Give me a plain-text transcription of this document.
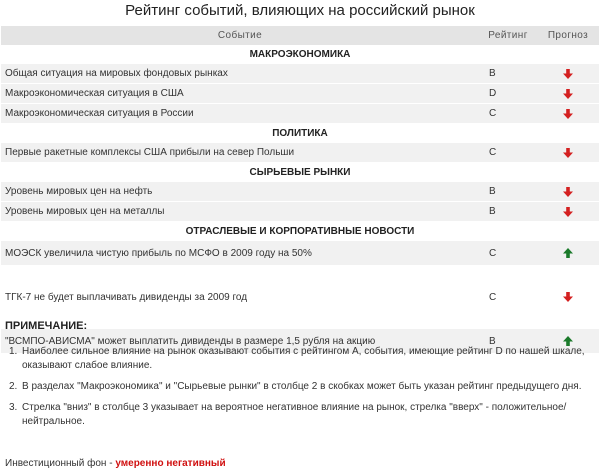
Рейтинг событий, влияющих на российский рынок
Событие	Рейтинг	Прогноз
МАКРОЭКОНОМИКА		
Общая ситуация на мировых фондовых рынках	B	
Макроэкономическая ситуация в США	D	
Макроэкономическая ситуация в России	C	
ПОЛИТИКА		
Первые ракетные комплексы США прибыли на север Польши	C	
СЫРЬЕВЫЕ РЫНКИ		
Уровень мировых цен на нефть	B	
Уровень мировых цен на металлы	B	
ОТРАСЛЕВЫЕ И КОРПОРАТИВНЫЕ НОВОСТИ		
МОЭСК увеличила чистую прибыль по МСФО в 2009 году на 50%	C	

ТГК-7 не будет выплачивать дивиденды за 2009 год	C	

"ВСМПО-АВИСМА" может выплатить дивиденды в размере 1,5 рубля на акцию	B	
ПРИМЕЧАНИЕ:
1. Наиболее сильное влияние на рынок оказывают события с рейтингом А, события, имеющие рейтинг D по нашей шкале, оказывают слабое влияние.
2. В разделах "Макроэкономика" и "Сырьевые рынки" в столбце 2 в скобках может быть указан рейтинг предыдущего дня.
3. Стрелка "вниз" в столбце 3 указывает на вероятное негативное влияние на рынок, стрелка "вверх" - положительное/нейтральное.
Инвестиционный фон - умеренно негативный
